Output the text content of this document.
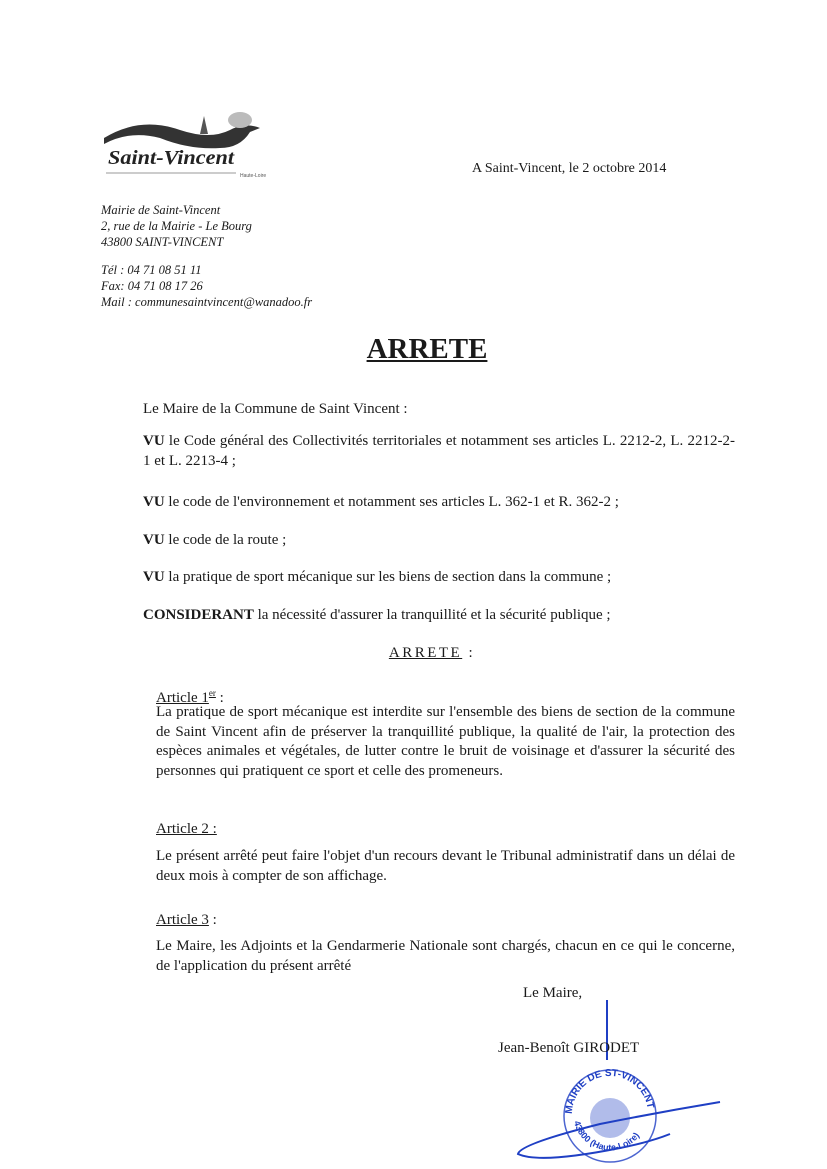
Saint-Vincent
Haute-Loire	A Saint-Vincent, le 2 octobre 2014
Mairie de Saint-Vincent
2, rue de la Mairie - Le Bourg
43800 SAINT-VINCENT
Tél : 04 71 08 51 11
Fax: 04 71 08 17 26
Mail : communesaintvincent@wanadoo.fr
ARRETE
Le Maire de la Commune de Saint Vincent :
VU le Code général des Collectivités territoriales et notamment ses articles L. 2212-2, L. 2212-2-1 et L. 2213-4 ;
VU le code de l'environnement et notamment ses articles L. 362-1 et R. 362-2 ;
VU le code de la route ;
VU la pratique de sport mécanique sur les biens de section dans la commune ;
CONSIDERANT la nécessité d'assurer la tranquillité et la sécurité publique ;
ARRETE :
Article 1er :
La pratique de sport mécanique est interdite sur l'ensemble des biens de section de la commune de Saint Vincent afin de préserver la tranquillité publique, la qualité de l'air, la protection des espèces animales et végétales, de lutter contre le bruit de voisinage et d'assurer la sécurité des personnes qui pratiquent ce sport et celle des promeneurs.
Article 2 :
Le présent arrêté peut faire l'objet d'un recours devant le Tribunal administratif dans un délai de deux mois à compter de son affichage.
Article 3 :
Le Maire, les Adjoints et la Gendarmerie Nationale sont chargés, chacun en ce qui le concerne, de l'application du présent arrêté
Le Maire,
MAIRIE DE ST-VINCENT
43800 (Haute-Loire)
Jean-Benoît GIRODET
